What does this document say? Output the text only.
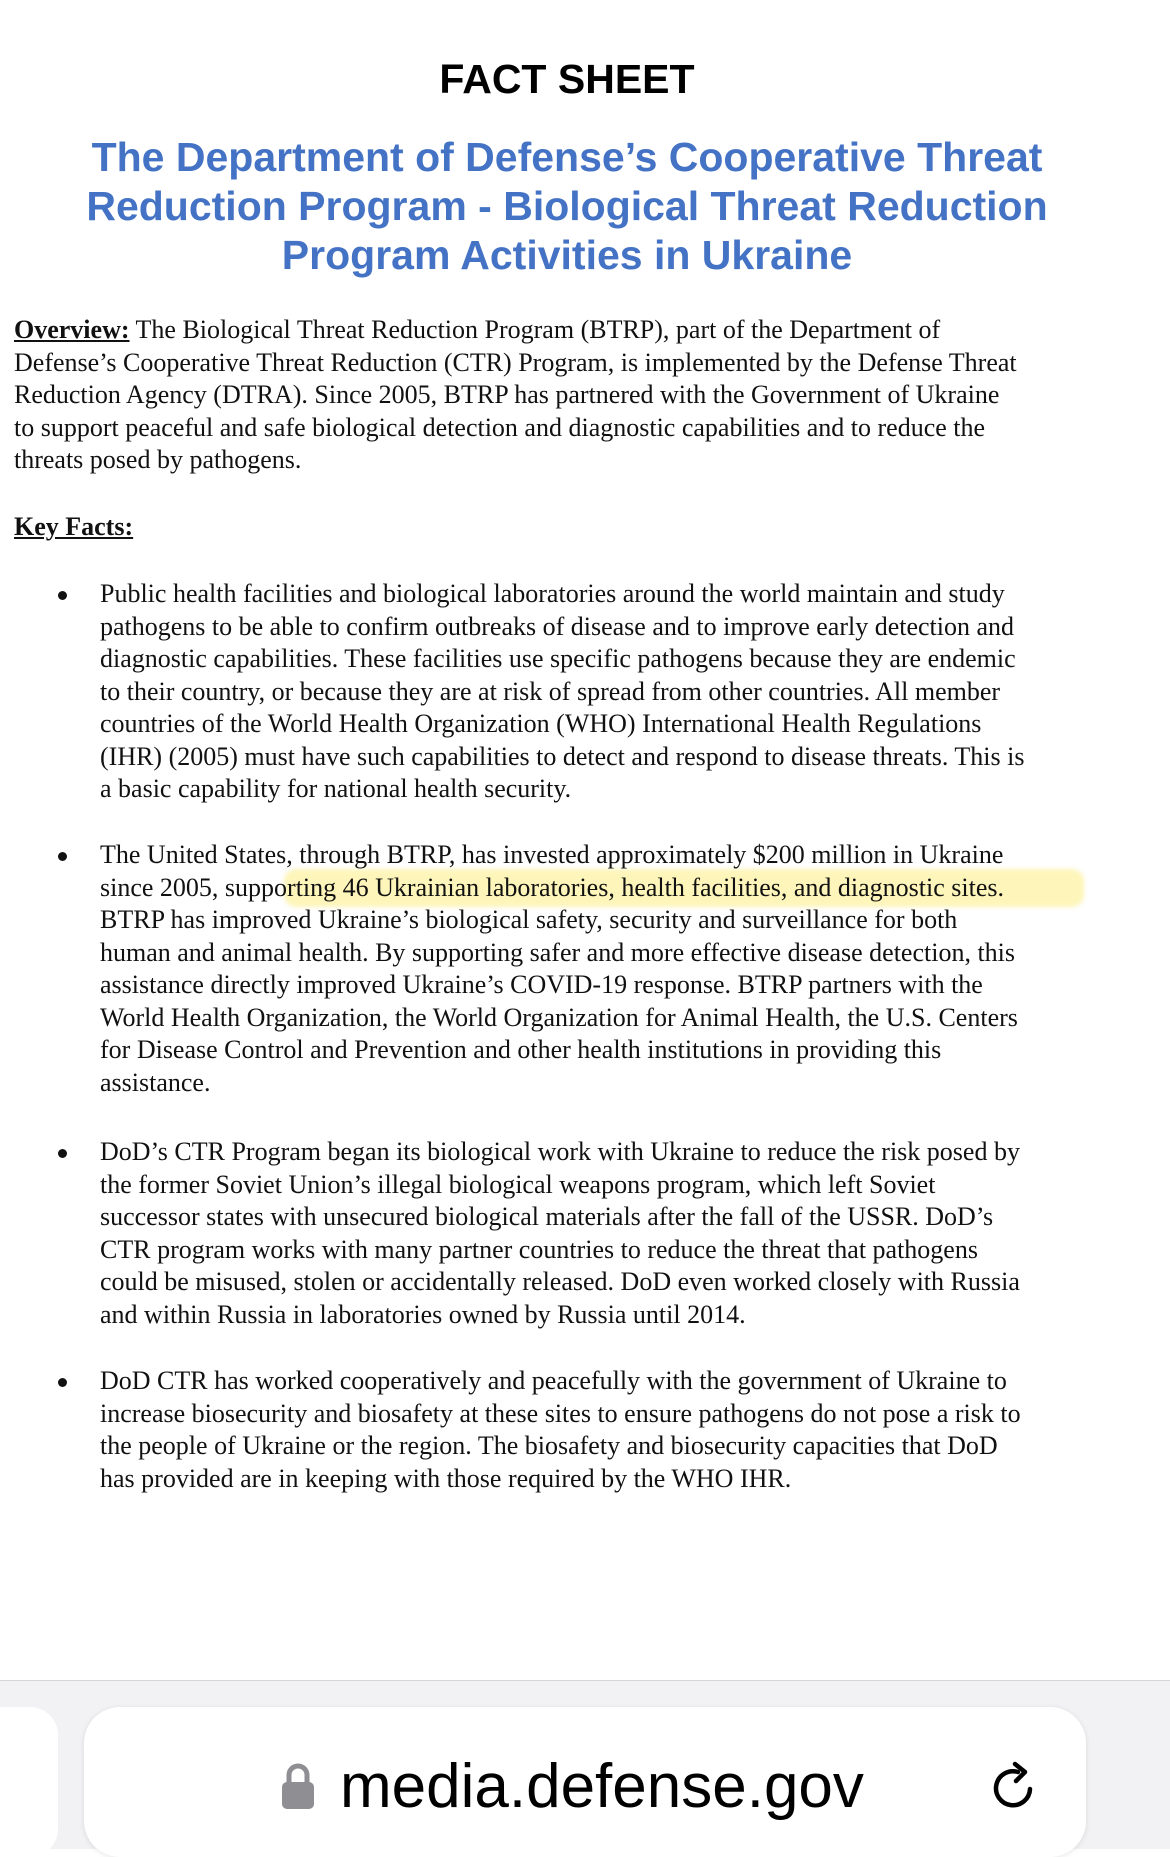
FACT SHEET
The Department of Defense’s Cooperative Threat
Reduction Program - Biological Threat Reduction
Program Activities in Ukraine
Overview: The Biological Threat Reduction Program (BTRP), part of the Department of
Defense’s Cooperative Threat Reduction (CTR) Program, is implemented by the Defense Threat
Reduction Agency (DTRA). Since 2005, BTRP has partnered with the Government of Ukraine
to support peaceful and safe biological detection and diagnostic capabilities and to reduce the
threats posed by pathogens.
Key Facts:
Public health facilities and biological laboratories around the world maintain and study
pathogens to be able to confirm outbreaks of disease and to improve early detection and
diagnostic capabilities. These facilities use specific pathogens because they are endemic
to their country, or because they are at risk of spread from other countries. All member
countries of the World Health Organization (WHO) International Health Regulations
(IHR) (2005) must have such capabilities to detect and respond to disease threats. This is
a basic capability for national health security.
The United States, through BTRP, has invested approximately $200 million in Ukraine
since 2005, supporting 46 Ukrainian laboratories, health facilities, and diagnostic sites.
BTRP has improved Ukraine’s biological safety, security and surveillance for both
human and animal health. By supporting safer and more effective disease detection, this
assistance directly improved Ukraine’s COVID-19 response. BTRP partners with the
World Health Organization, the World Organization for Animal Health, the U.S. Centers
for Disease Control and Prevention and other health institutions in providing this
assistance.
DoD’s CTR Program began its biological work with Ukraine to reduce the risk posed by
the former Soviet Union’s illegal biological weapons program, which left Soviet
successor states with unsecured biological materials after the fall of the USSR. DoD’s
CTR program works with many partner countries to reduce the threat that pathogens
could be misused, stolen or accidentally released. DoD even worked closely with Russia
and within Russia in laboratories owned by Russia until 2014.
DoD CTR has worked cooperatively and peacefully with the government of Ukraine to
increase biosecurity and biosafety at these sites to ensure pathogens do not pose a risk to
the people of Ukraine or the region. The biosafety and biosecurity capacities that DoD
has provided are in keeping with those required by the WHO IHR.
media.defense.gov
